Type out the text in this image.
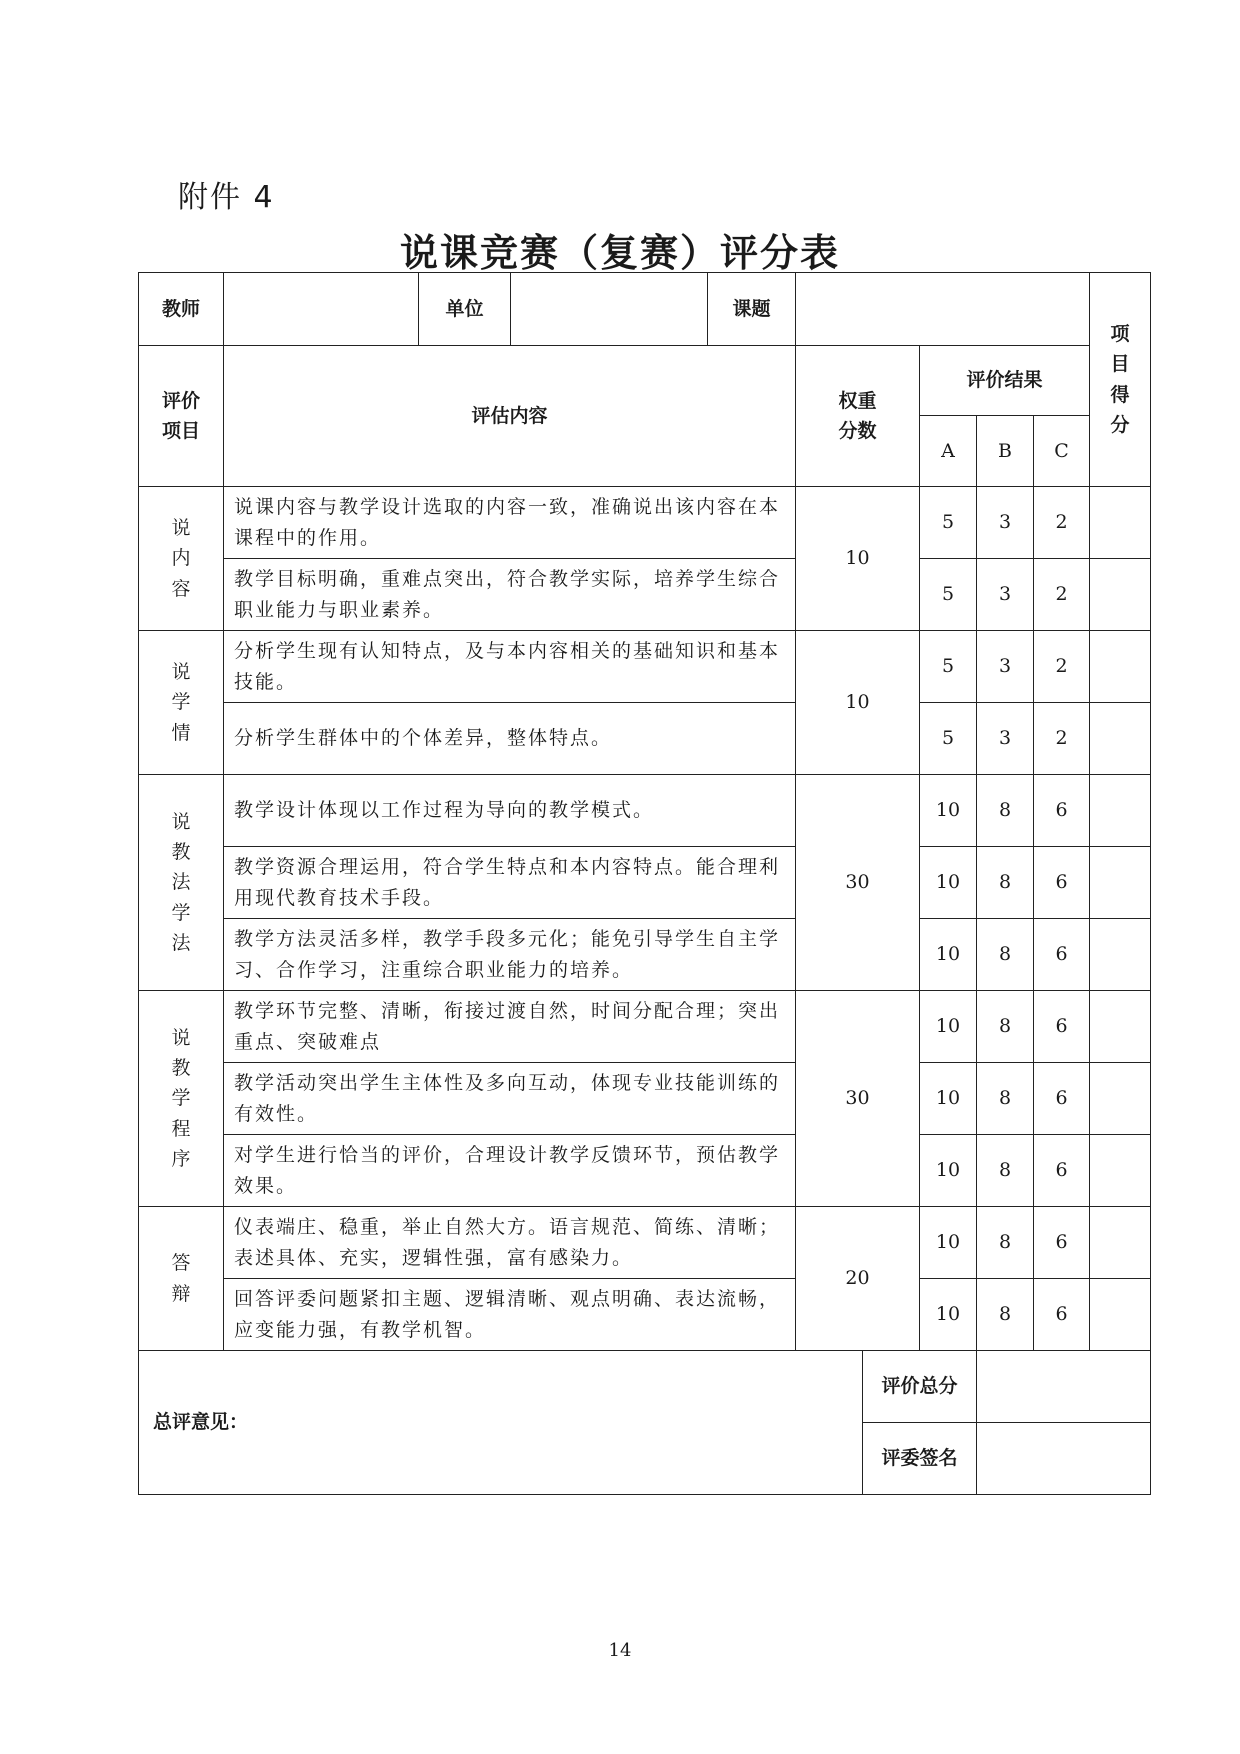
附件 4
说课竞赛（复赛）评分表
教师		单位		课题						项目得分
评价项目	评估内容				权重分数		评价结果			
							A	B	C	
说内容	说课内容与教学设计选取的内容一致，准确说出该内容在本课程中的作用。				10		5	3	2	
	教学目标明确，重难点突出，符合教学实际，培养学生综合职业能力与职业素养。						5	3	2	
说学情	分析学生现有认知特点，及与本内容相关的基础知识和基本技能。				10		5	3	2	
	分析学生群体中的个体差异，整体特点。						5	3	2	
说教法学法	教学设计体现以工作过程为导向的教学模式。				30		10	8	6	
	教学资源合理运用，符合学生特点和本内容特点。能合理利用现代教育技术手段。						10	8	6	
	教学方法灵活多样，教学手段多元化；能免引导学生自主学习、合作学习，注重综合职业能力的培养。						10	8	6	
说教学程序	教学环节完整、清晰，衔接过渡自然，时间分配合理；突出重点、突破难点				30		10	8	6	
	教学活动突出学生主体性及多向互动，体现专业技能训练的有效性。						10	8	6	
	对学生进行恰当的评价，合理设计教学反馈环节，预估教学效果。						10	8	6	
答辩	仪表端庄、稳重，举止自然大方。语言规范、简练、清晰；表述具体、充实，逻辑性强，富有感染力。				20		10	8	6	
	回答评委问题紧扣主题、逻辑清晰、观点明确、表达流畅，应变能力强，有教学机智。						10	8	6	
总评意见：						评价总分				
						评委签名				
14
